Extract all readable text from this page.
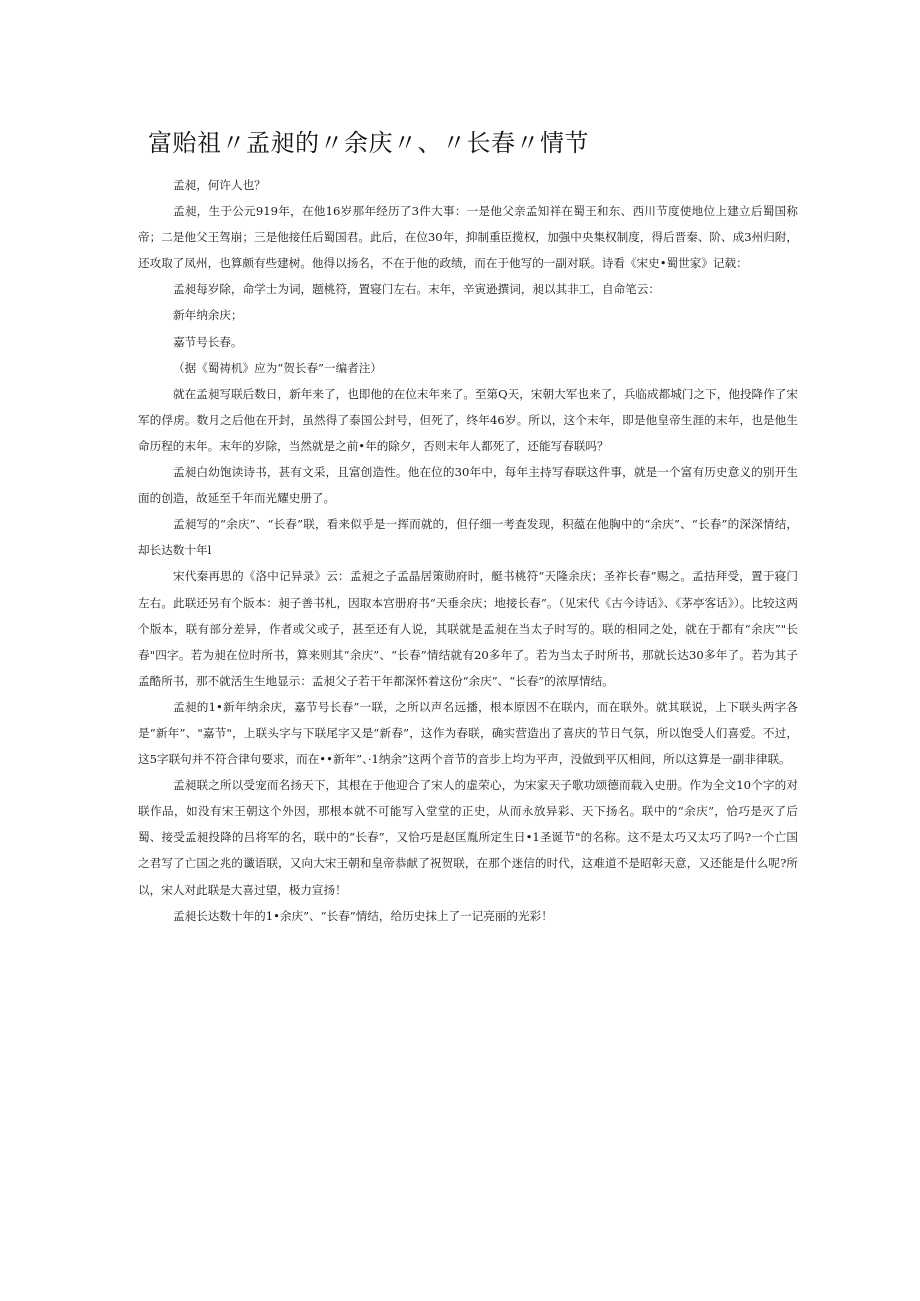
富贻祖〃孟昶的〃余庆〃、〃长春〃情节

孟昶，何许人也？

孟昶，生于公元919年，在他16岁那年经历了3件大事：一是他父亲孟知祥在蜀王和东、西川节度使地位上建立后蜀国称帝；二是他父王驾崩；三是他接任后蜀国君。此后，在位30年，抑制重臣揽权，加强中央集权制度，得后晋秦、阶、成3州归附，还攻取了凤州，也算颇有些建树。他得以扬名，不在于他的政绩，而在于他写的一副对联。诗看《宋史•蜀世家》记载：

孟昶每岁除，命学士为词，题桃符，置寝门左右。末年，辛寅逊撰词，昶以其非工，自命笔云：

新年纳余庆；

嘉节号长春。

（据《蜀祷机》应为“贺长春”一编者注）

就在孟昶写联后数日，新年来了，也即他的在位末年来了。至第Q天，宋朝大军也来了，兵临成都城门之下，他投降作了宋军的俘虏。数月之后他在开封，虽然得了泰国公封号，但死了，终年46岁。所以，这个末年，即是他皇帝生涯的末年，也是他生命历程的末年。末年的岁除，当然就是之前•年的除夕，否则末年人都死了，还能写春联吗？

孟昶白幼饱读诗书，甚有文采，且富创造性。他在位的30年中，每年主持写春联这件事，就是一个富有历史意义的别开生面的创造，故延至千年而光耀史册了。

孟昶写的“余庆”、“长春”联，看来似乎是一挥而就的，但仔细一考査发现，积蕴在他胸中的“余庆”、“长春”的深深情结，却长达数十年l

宋代秦再思的《洛中记异录》云：孟昶之子孟晶居策勋府时，艇书桃符“天隆余庆；圣祚长春”赐之。孟拮拜受，置于寝门左右。此联还另有个版本：昶子善书札，因取本宫册府书“天垂余庆；地接长春”。（见宋代《古今诗话》、《茅亭客话》）。比较这两个版本，联有部分差异，作者或父或子，甚至还有人说，其联就是孟昶在当太子时写的。联的相同之处，就在于都有“余庆”"长春"四字。若为昶在位时所书，算来则其“余庆”、“长春”情结就有20多年了。若为当太子时所书，那就长达30多年了。若为其子孟酷所书，那不就活生生地显示：孟昶父子若干年都深怀着这份“余庆”、“长春”的浓厚情结。

孟昶的1•新年纳余庆，嘉节号长春”一联，之所以声名远播，根本原因不在联内，而在联外。就其联说，上下联头两字各是“新年”、"嘉节"，上联头字与下联尾字又是“新春”，这作为春联，确实营造出了喜庆的节日气氛，所以饱受人们喜爱。不过，这5字联句并不符合律句要求，而在••新年”、·1纳余”这两个音节的音步上均为平声，没做到平仄相间，所以这算是一副非律联。

孟昶联之所以受宠而名扬天下，其根在于他迎合了宋人的虚荣心，为宋家天子歌功颂德而载入史册。作为全文10个字的对联作品，如没有宋王朝这个外因，那根本就不可能写入堂堂的正史，从而永放异彩、天下扬名。联中的“余庆”，恰巧是灭了后蜀、接受孟昶投降的吕将军的名，联中的“长春”，又恰巧是赵匡胤所定生日•1圣诞节"的名称。这不是太巧又太巧了吗?一个亡国之君写了亡国之兆的谶语联，又向大宋王朝和皇帝恭献了祝贺联，在那个迷信的时代，这难道不是昭彰天意，又还能是什么呢?所以，宋人对此联是大喜过望，极力宣扬！

孟昶长达数十年的1•余庆”、“长春”情结，给历史抹上了一记亮丽的光彩！
